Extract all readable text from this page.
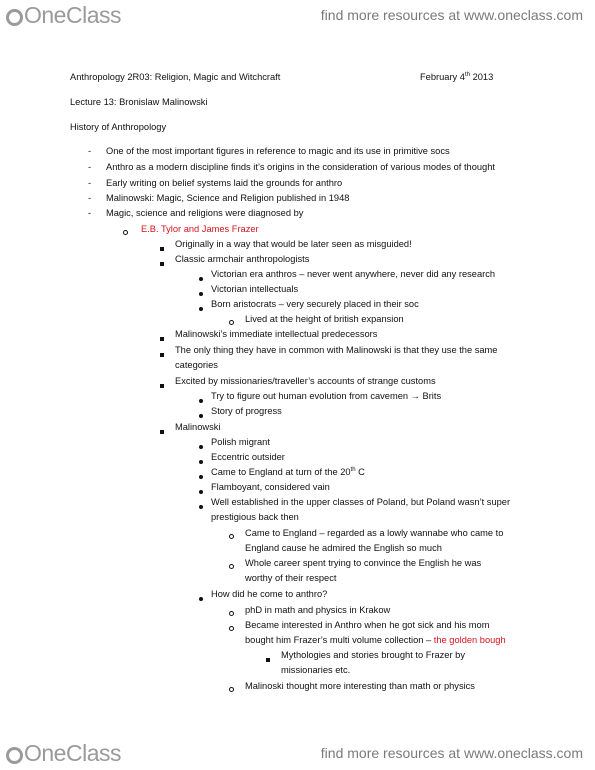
OneClass	find more resources at www.oneclass.com
Anthropology 2R03: Religion, Magic and Witchcraft	February 4th 2013
Lecture 13: Bronislaw Malinowski
History of Anthropology
-
One of the most important figures in reference to magic and its use in primitive socs
-
Anthro as a modern discipline finds it’s origins in the consideration of various modes of thought
-
Early writing on belief systems laid the grounds for anthro
-
Malinowski: Magic, Science and Religion published in 1948
-
Magic, science and religions were diagnosed by
E.B. Tylor and James Frazer
Originally in a way that would be later seen as misguided!
Classic armchair anthropologists
Victorian era anthros – never went anywhere, never did any research
Victorian intellectuals
Born aristocrats – very securely placed in their soc
Lived at the height of british expansion
Malinowski’s immediate intellectual predecessors
The only thing they have in common with Malinowski is that they use the same
categories
Excited by missionaries/traveller’s accounts of strange customs
Try to figure out human evolution from cavemen → Brits
Story of progress
Malinowski
Polish migrant
Eccentric outsider
Came to England at turn of the 20th C
Flamboyant, considered vain
Well established in the upper classes of Poland, but Poland wasn’t super
prestigious back then
Came to England – regarded as a lowly wannabe who came to
England cause he admired the English so much
Whole career spent trying to convince the English he was
worthy of their respect
How did he come to anthro?
phD in math and physics in Krakow
Became interested in Anthro when he got sick and his mom
bought him Frazer’s multi volume collection – the golden bough
Mythologies and stories brought to Frazer by
missionaries etc.
Malinoski thought more interesting than math or physics
OneClass	find more resources at www.oneclass.com
